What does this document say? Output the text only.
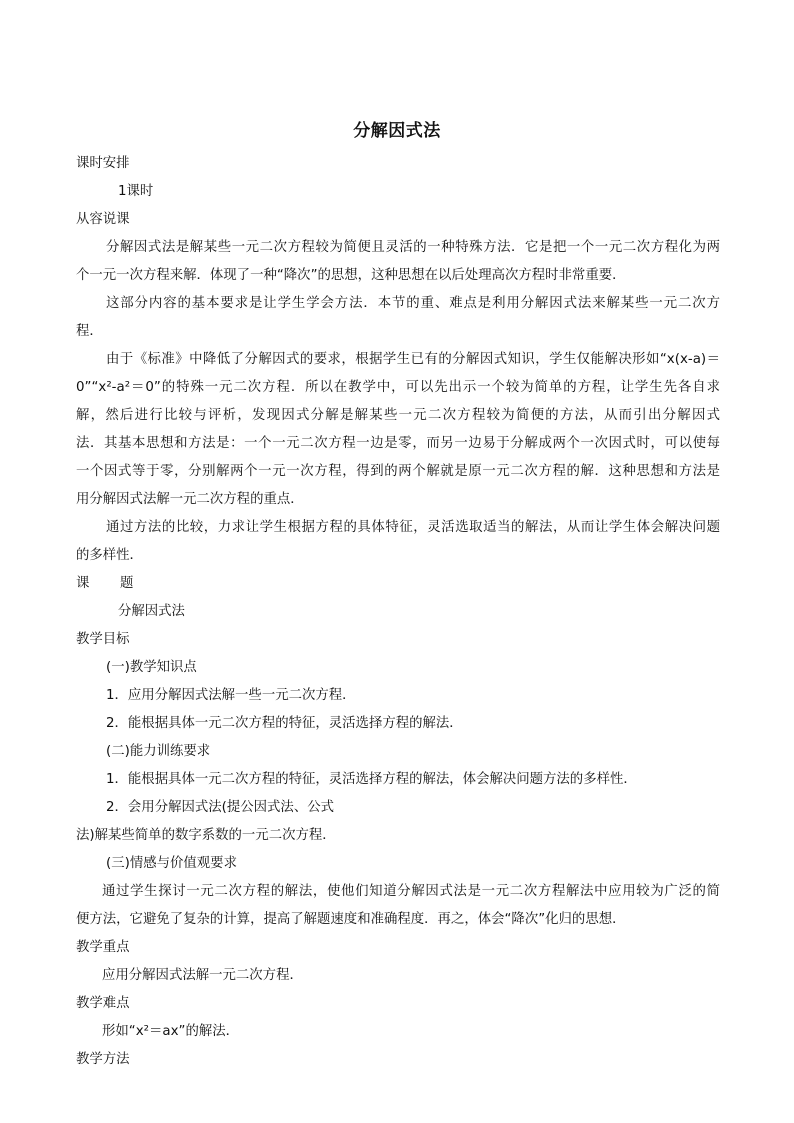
分解因式法
课时安排
1课时
从容说课
分解因式法是解某些一元二次方程较为简便且灵活的一种特殊方法．它是把一个一元二次方程化为两
个一元一次方程来解．体现了一种“降次”的思想，这种思想在以后处理高次方程时非常重要．
这部分内容的基本要求是让学生学会方法．本节的重、难点是利用分解因式法来解某些一元二次方
程．
由于《标准》中降低了分解因式的要求，根据学生已有的分解因式知识，学生仅能解决形如“x(x-a)＝
0”“x²-a²＝0”的特殊一元二次方程．所以在教学中，可以先出示一个较为简单的方程，让学生先各自求
解，然后进行比较与评析，发现因式分解是解某些一元二次方程较为简便的方法，从而引出分解因式
法．其基本思想和方法是：一个一元二次方程一边是零，而另一边易于分解成两个一次因式时，可以使每
一个因式等于零，分别解两个一元一次方程，得到的两个解就是原一元二次方程的解．这种思想和方法是
用分解因式法解一元二次方程的重点．
通过方法的比较，力求让学生根据方程的具体特征，灵活选取适当的解法，从而让学生体会解决问题
的多样性．
课 题
分解因式法
教学目标
(一)教学知识点
1．应用分解因式法解一些一元二次方程．
2．能根据具体一元二次方程的特征，灵活选择方程的解法．
(二)能力训练要求
1．能根据具体一元二次方程的特征，灵活选择方程的解法，体会解决问题方法的多样性．
2．会用分解因式法(提公因式法、公式
法)解某些简单的数字系数的一元二次方程．
(三)情感与价值观要求
通过学生探讨一元二次方程的解法，使他们知道分解因式法是一元二次方程解法中应用较为广泛的简
便方法，它避免了复杂的计算，提高了解题速度和准确程度．再之，体会“降次”化归的思想．
教学重点
应用分解因式法解一元二次方程．
教学难点
形如“x²＝ax”的解法．
教学方法
